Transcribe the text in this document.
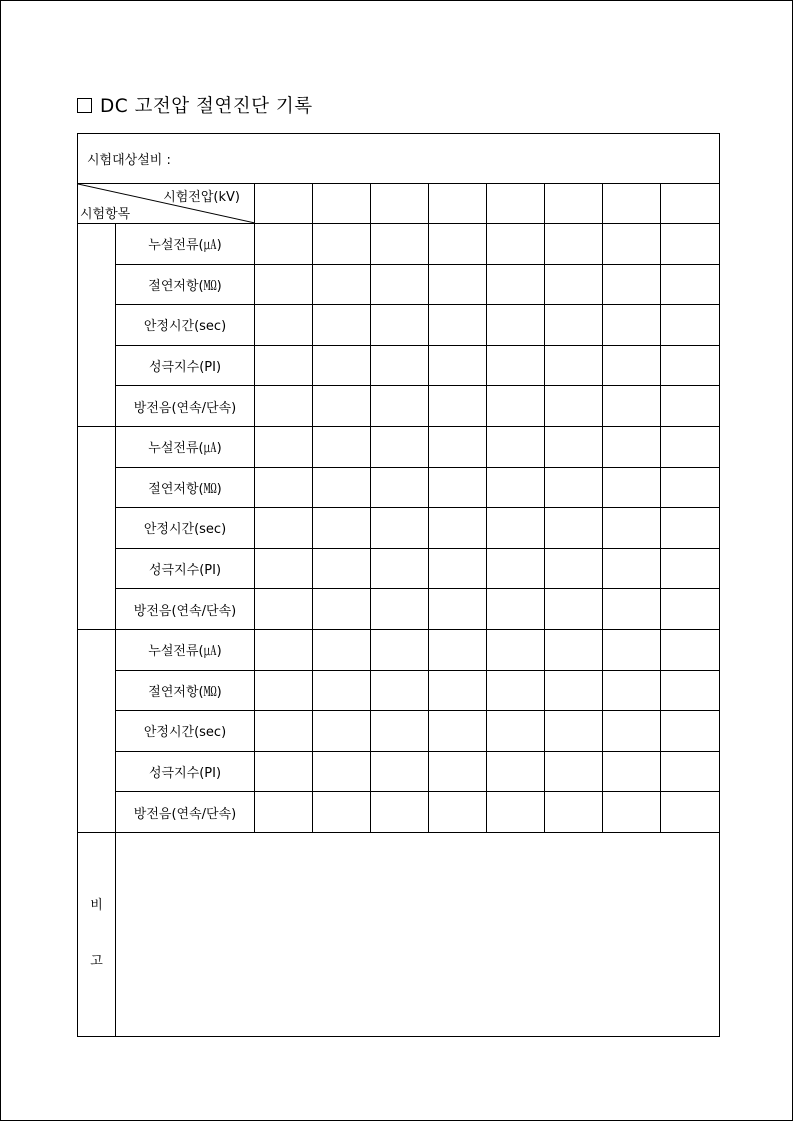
DC 고전압 절연진단 기록
시험대상설비 :									

시험전압(kV)
시험항목									

	누설전류(㎂)								
	절연저항(㏁)								
	안정시간(sec)								
	성극지수(PI)								
	방전음(연속/단속)								
	누설전류(㎂)								
	절연저항(㏁)								
	안정시간(sec)								
	성극지수(PI)								
	방전음(연속/단속)								
	누설전류(㎂)								
	절연저항(㏁)								
	안정시간(sec)								
	성극지수(PI)								
	방전음(연속/단속)								

비
고									
